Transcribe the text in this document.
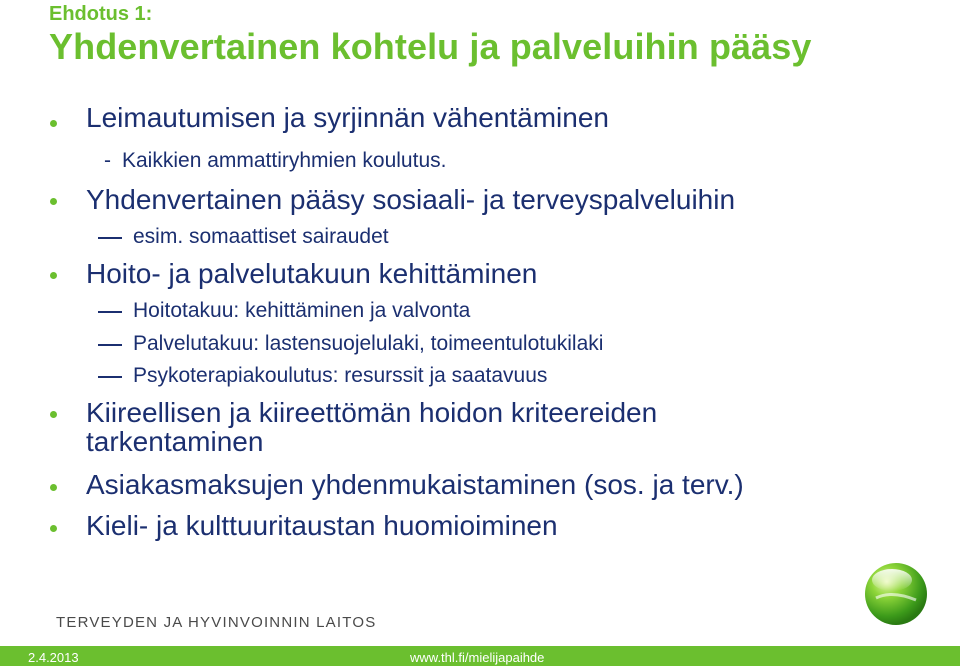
Ehdotus 1:
Yhdenvertainen kohtelu ja palveluihin pääsy
Leimautumisen ja syrjinnän vähentäminen
- Kaikkien ammattiryhmien koulutus.
Yhdenvertainen pääsy sosiaali- ja terveyspalveluihin
esim. somaattiset sairaudet
Hoito- ja palvelutakuun kehittäminen
Hoitotakuu: kehittäminen ja valvonta
Palvelutakuu: lastensuojelulaki, toimeentulotukilaki
Psykoterapiakoulutus: resurssit ja saatavuus
Kiireellisen ja kiireettömän hoidon kriteereiden
tarkentaminen
Asiakasmaksujen yhdenmukaistaminen (sos. ja terv.)
Kieli- ja kulttuuritaustan huomioiminen
TERVEYDEN JA HYVINVOINNIN LAITOS
2.4.2013	www.thl.fi/mielijapaihde
